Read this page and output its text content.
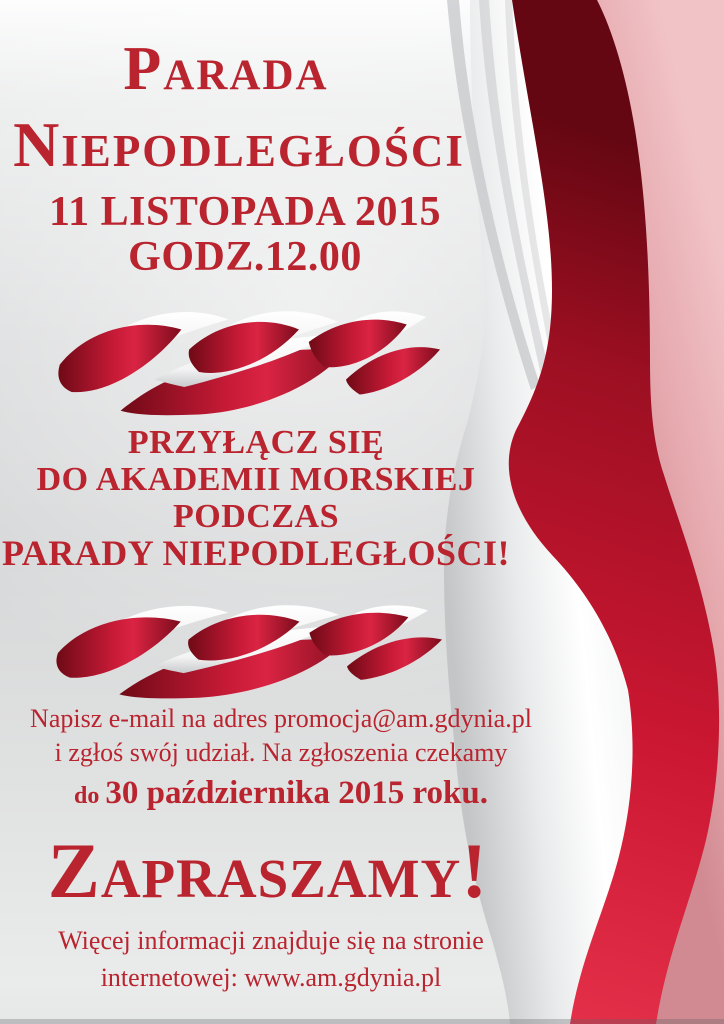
Parada
Niepodległości
11 LISTOPADA 2015
GODZ.12.00
PRZYŁĄCZ SIĘ
DO AKADEMII MORSKIEJ
PODCZAS
PARADY NIEPODLEGŁOŚCI!
Napisz e-mail na adres promocja@am.gdynia.pl
i zgłoś swój udział. Na zgłoszenia czekamy
do 30 października 2015 roku.
Zapraszamy!
Więcej informacji znajduje się na stronie
internetowej: www.am.gdynia.pl
